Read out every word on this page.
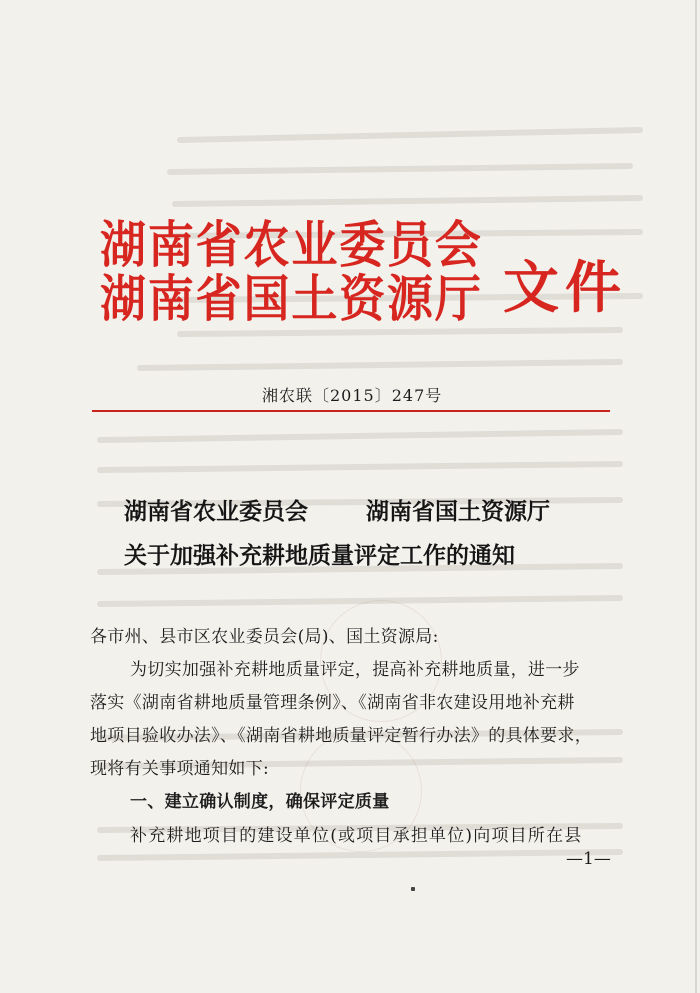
湖南省农业委员会
湖南省国土资源厅 文件
湘农联〔2015〕247号
湖南省农业委员会	湖南省国土资源厅
关于加强补充耕地质量评定工作的通知
各市州、县市区农业委员会(局)、国土资源局:
为切实加强补充耕地质量评定，提高补充耕地质量，进一步
落实《湖南省耕地质量管理条例》、《湖南省非农建设用地补充耕
地项目验收办法》、《湖南省耕地质量评定暂行办法》的具体要求，
现将有关事项通知如下:
一、建立确认制度，确保评定质量
补充耕地项目的建设单位(或项目承担单位)向项目所在县
—1—
